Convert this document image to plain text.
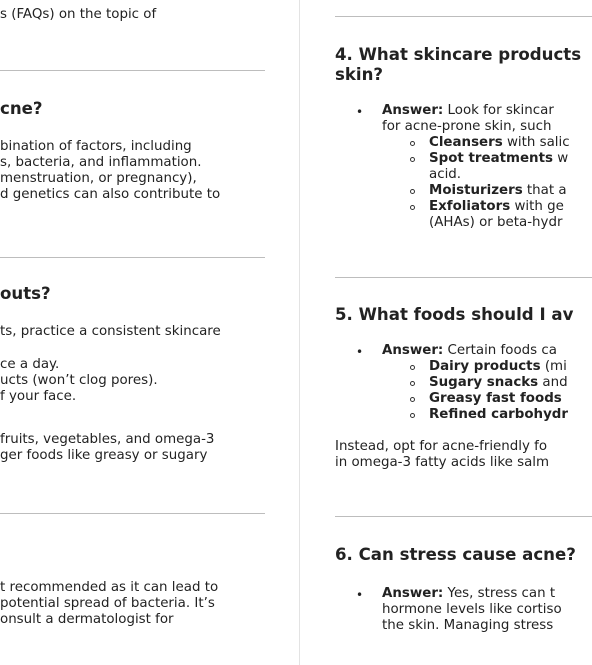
s (FAQs) on the topic of
cne?
bination of factors, including
s, bacteria, and inflammation.
menstruation, or pregnancy),
d genetics can also contribute to
outs?
ts, practice a consistent skincare
ce a day.
ucts (won’t clog pores).
f your face.
fruits, vegetables, and omega-3
ger foods like greasy or sugary
t recommended as it can lead to
potential spread of bacteria. It’s
onsult a dermatologist for
4. What skincare products
skin?
• Answer: Look for skincar
for acne-prone skin, such
Cleansers with salic
Spot treatments w
acid.
Moisturizers that a
Exfoliators with ge
(AHAs) or beta-hydr
5. What foods should I av
• Answer: Certain foods ca
Dairy products (mi
Sugary snacks and
Greasy fast foods
Refined carbohydr
Instead, opt for acne-friendly fo
in omega-3 fatty acids like salm
6. Can stress cause acne?
• Answer: Yes, stress can t
hormone levels like cortiso
the skin. Managing stress
